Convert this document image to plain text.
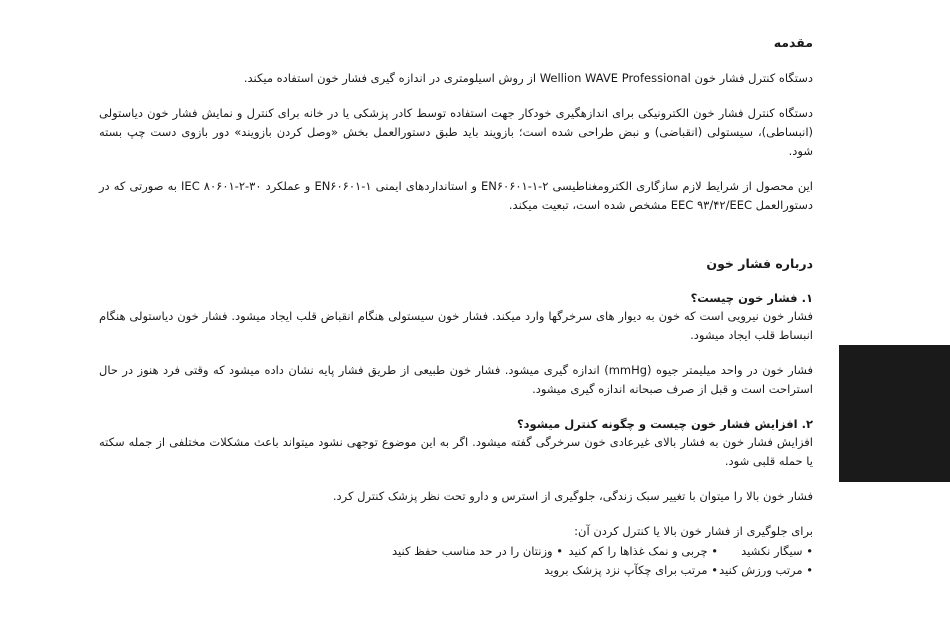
مقدمه

دستگاه کنترل فشار خون Wellion WAVE Professional از روش اسیلومتری در اندازه گیری فشار خون استفاده میکند.

دستگاه کنترل فشار خون الکترونیکی برای اندازهگیری خودکار جهت استفاده توسط کادر پزشکی یا در خانه برای کنترل و نمایش فشار خون دیاستولی (انبساطی)، سیستولی (انقباضی) و نبض طراحی شده است؛ بازویند باید طبق دستورالعمل بخش «وصل کردن بازویند» دور بازوی دست چپ بسته شود.

این محصول از شرایط لازم سازگاری الکترومغناطیسی EN۶۰۶۰۱-۱-۲ و استانداردهای ایمنی EN۶۰۶۰۱-۱ و عملکرد IEC ۸۰۶۰۱-۲-۳۰ به صورتی که در دستورالعمل EEC ۹۳/۴۲/EEC مشخص شده است، تبعیت میکند.

درباره فشار خون
۱. فشار خون چیست؟

فشار خون نیرویی است که خون به دیوار های سرخرگها وارد میکند. فشار خون سیستولی هنگام انقباض قلب ایجاد میشود. فشار خون دیاستولی هنگام انبساط قلب ایجاد میشود.

فشار خون در واحد میلیمتر جیوه (mmHg) اندازه گیری میشود. فشار خون طبیعی از طریق فشار پایه نشان داده میشود که وقتی فرد هنوز در حال استراحت است و قبل از صرف صبحانه اندازه گیری میشود.

۲. افزایش فشار خون چیست و چگونه کنترل میشود؟

افزایش فشار خون به فشار بالای غیرعادی خون سرخرگی گفته میشود. اگر به این موضوع توجهی نشود میتواند باعث مشکلات مختلفی از جمله سکته یا حمله قلبی شود.

فشار خون بالا را میتوان با تغییر سبک زندگی، جلوگیری از استرس و دارو تحت نظر پزشک کنترل کرد.

برای جلوگیری از فشار خون بالا یا کنترل کردن آن:

• سیگار نکشید
• چربی و نمک غذاها را کم کنید
• وزنتان را در حد مناسب حفظ کنید
• مرتب ورزش کنید
• مرتب برای چکآپ نزد پزشک بروید
